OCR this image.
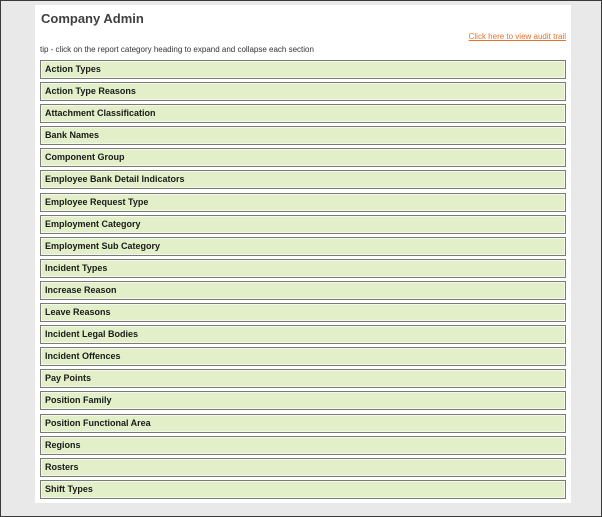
Company Admin
Click here to view audit trail
tip - click on the report category heading to expand and collapse each section
Action Types
Action Type Reasons
Attachment Classification
Bank Names
Component Group
Employee Bank Detail Indicators
Employee Request Type
Employment Category
Employment Sub Category
Incident Types
Increase Reason
Leave Reasons
Incident Legal Bodies
Incident Offences
Pay Points
Position Family
Position Functional Area
Regions
Rosters
Shift Types
